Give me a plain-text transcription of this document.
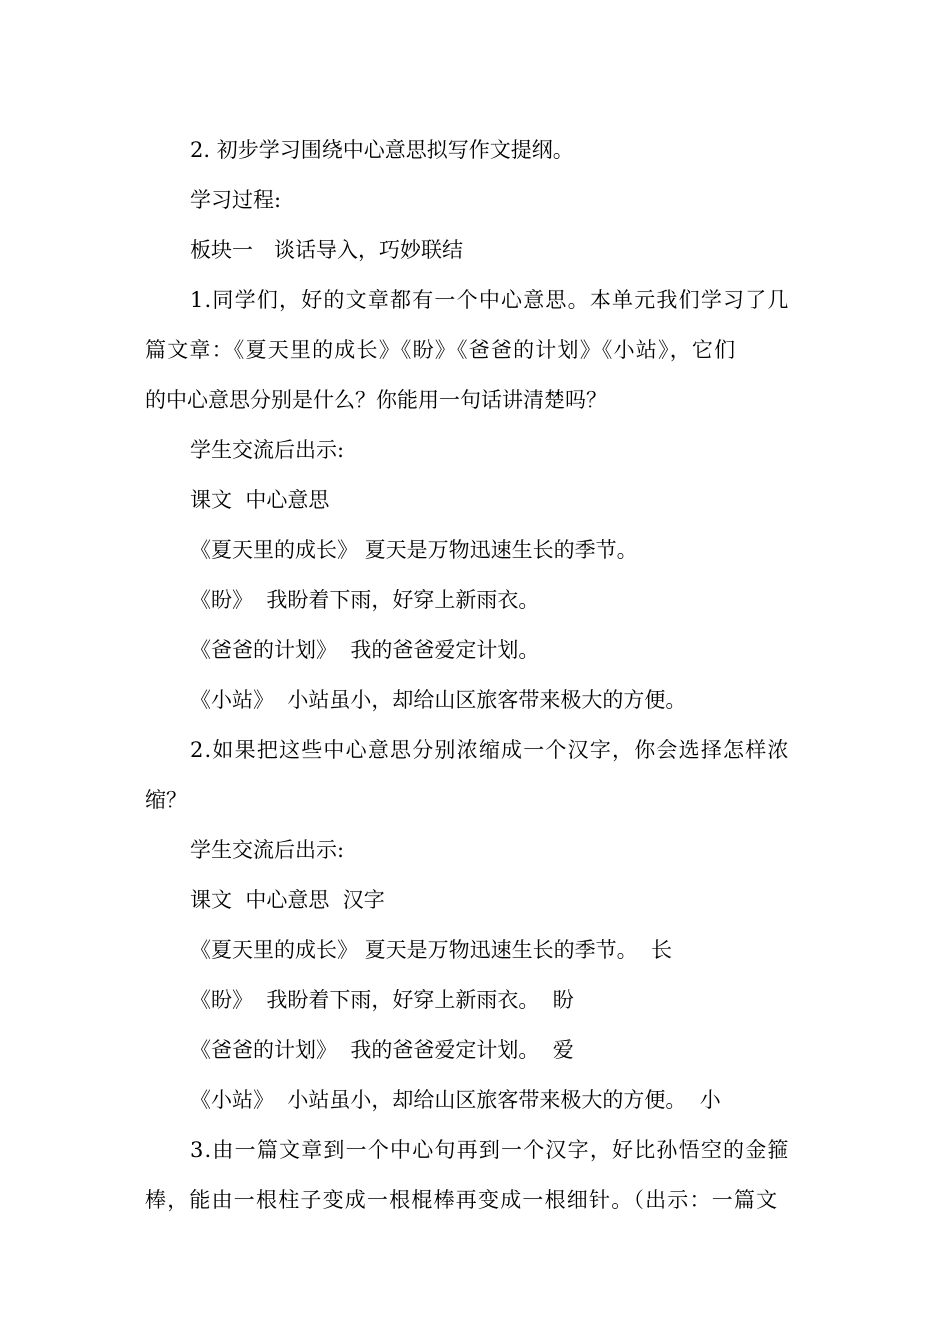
2. 初步学习围绕中心意思拟写作文提纲。

学习过程:

板块一　谈话导入，巧妙联结

1.同学们，好的文章都有一个中心意思。本单元我们学习了几

篇文章：《夏天里的成长》《盼》《爸爸的计划》《小站》，它们

的中心意思分别是什么？你能用一句话讲清楚吗？

学生交流后出示:

课文  中心意思

《夏天里的成长》 夏天是万物迅速生长的季节。

《盼》  我盼着下雨，好穿上新雨衣。

《爸爸的计划》  我的爸爸爱定计划。

《小站》  小站虽小，却给山区旅客带来极大的方便。

2.如果把这些中心意思分别浓缩成一个汉字，你会选择怎样浓

缩？

学生交流后出示:

课文  中心意思  汉字

《夏天里的成长》 夏天是万物迅速生长的季节。  长

《盼》  我盼着下雨，好穿上新雨衣。  盼

《爸爸的计划》  我的爸爸爱定计划。  爱

《小站》  小站虽小，却给山区旅客带来极大的方便。  小

3.由一篇文章到一个中心句再到一个汉字，好比孙悟空的金箍

棒，能由一根柱子变成一根棍棒再变成一根细针。（出示：一篇文
